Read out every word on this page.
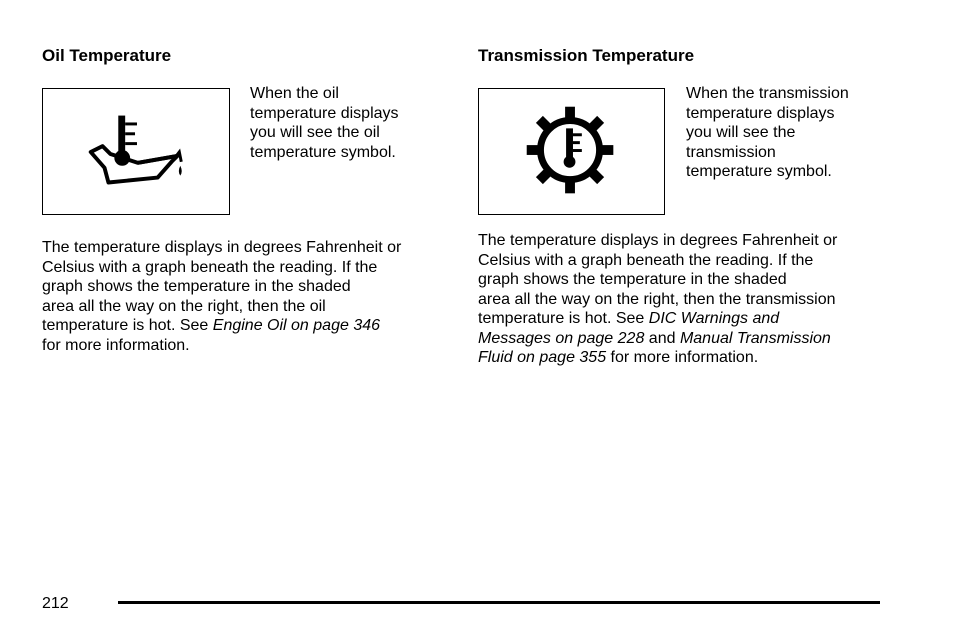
Oil Temperature

When the oil
temperature displays
you will see the oil
temperature symbol.

The temperature displays in degrees Fahrenheit or
Celsius with a graph beneath the reading. If the
graph shows the temperature in the shaded
area all the way on the right, then the oil
temperature is hot. See Engine Oil on page 346
for more information.

Transmission Temperature

When the transmission
temperature displays
you will see the
transmission
temperature symbol.

The temperature displays in degrees Fahrenheit or
Celsius with a graph beneath the reading. If the
graph shows the temperature in the shaded
area all the way on the right, then the transmission
temperature is hot. See DIC Warnings and
Messages on page 228 and Manual Transmission
Fluid on page 355 for more information.

212
